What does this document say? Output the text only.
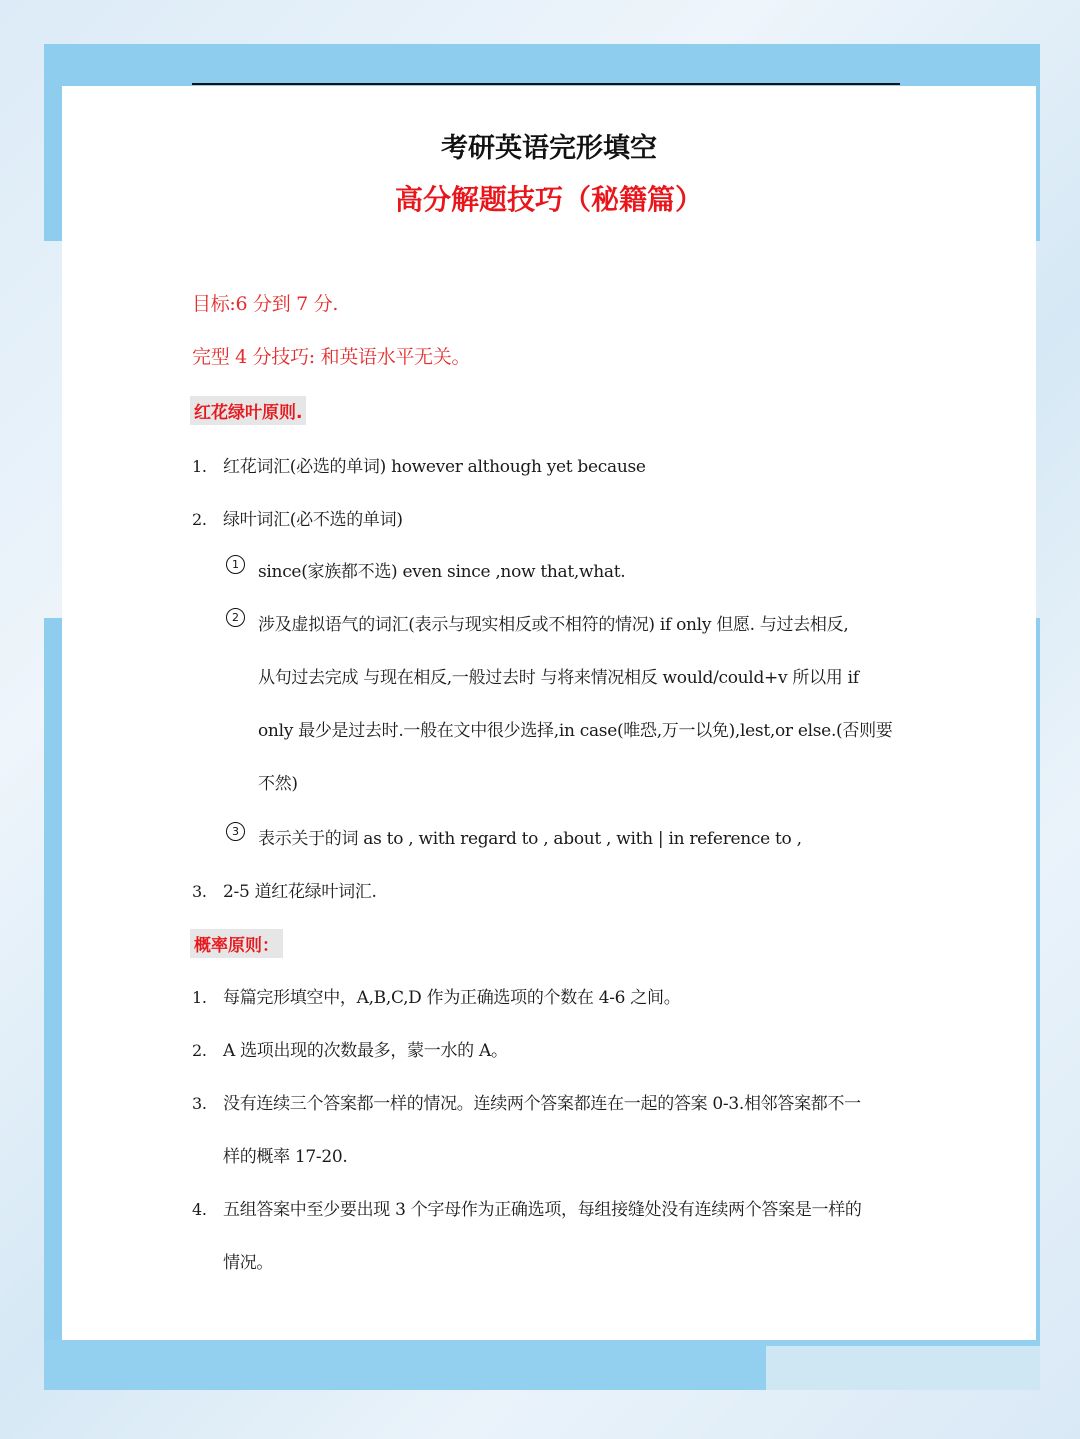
考研英语完形填空
高分解题技巧（秘籍篇）
目标:6 分到 7 分.
完型 4 分技巧: 和英语水平无关。
红花绿叶原则.
1. 红花词汇(必选的单词) however although yet because
2. 绿叶词汇(必不选的单词)
1	since(家族都不选) even since ,now that,what.
2	涉及虚拟语气的词汇(表示与现实相反或不相符的情况) if only 但愿. 与过去相反,
从句过去完成 与现在相反,一般过去时 与将来情况相反 would/could+v 所以用 if
only 最少是过去时.一般在文中很少选择,in case(唯恐,万一以免),lest,or else.(否则要
不然)
3	表示关于的词 as to , with regard to , about , with | in reference to ,
3. 2-5 道红花绿叶词汇.
概率原则：
1. 每篇完形填空中，A,B,C,D 作为正确选项的个数在 4-6 之间。
2. A 选项出现的次数最多，蒙一水的 A。
3. 没有连续三个答案都一样的情况。连续两个答案都连在一起的答案 0-3.相邻答案都不一
样的概率 17-20.
4. 五组答案中至少要出现 3 个字母作为正确选项，每组接缝处没有连续两个答案是一样的
情况。
